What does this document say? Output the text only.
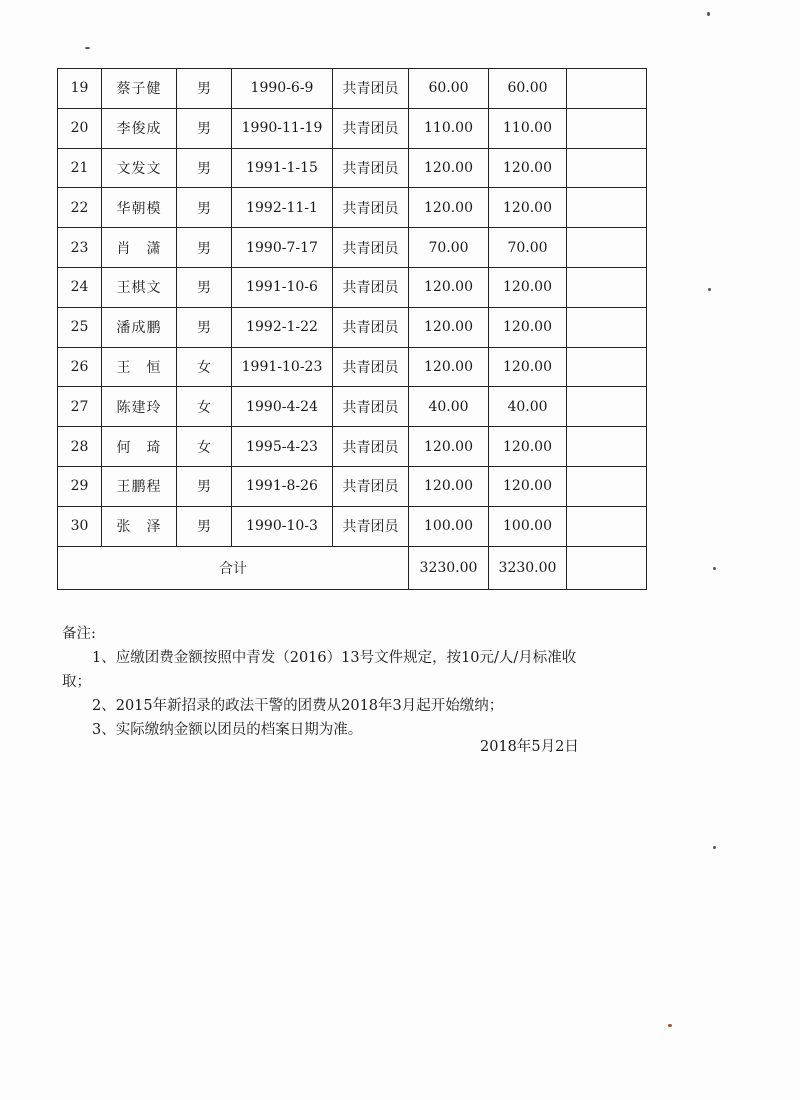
19	蔡子健	男	1990-6-9	共青团员	60.00	60.00	
20	李俊成	男	1990-11-19	共青团员	110.00	110.00	
21	文发文	男	1991-1-15	共青团员	120.00	120.00	
22	华朝模	男	1992-11-1	共青团员	120.00	120.00	
23	肖　潇	男	1990-7-17	共青团员	70.00	70.00	
24	王棋文	男	1991-10-6	共青团员	120.00	120.00	
25	潘成鹏	男	1992-1-22	共青团员	120.00	120.00	
26	王　恒	女	1991-10-23	共青团员	120.00	120.00	
27	陈建玲	女	1990-4-24	共青团员	40.00	40.00	
28	何　琦	女	1995-4-23	共青团员	120.00	120.00	
29	王鹏程	男	1991-8-26	共青团员	120.00	120.00	
30	张　泽	男	1990-10-3	共青团员	100.00	100.00	
合计					3230.00	3230.00	

备注:

1、应缴团费金额按照中青发（2016）13号文件规定，按10元/人/月标准收

取；

2、2015年新招录的政法干警的团费从2018年3月起开始缴纳；

3、实际缴纳金额以团员的档案日期为准。

2018年5月2日
